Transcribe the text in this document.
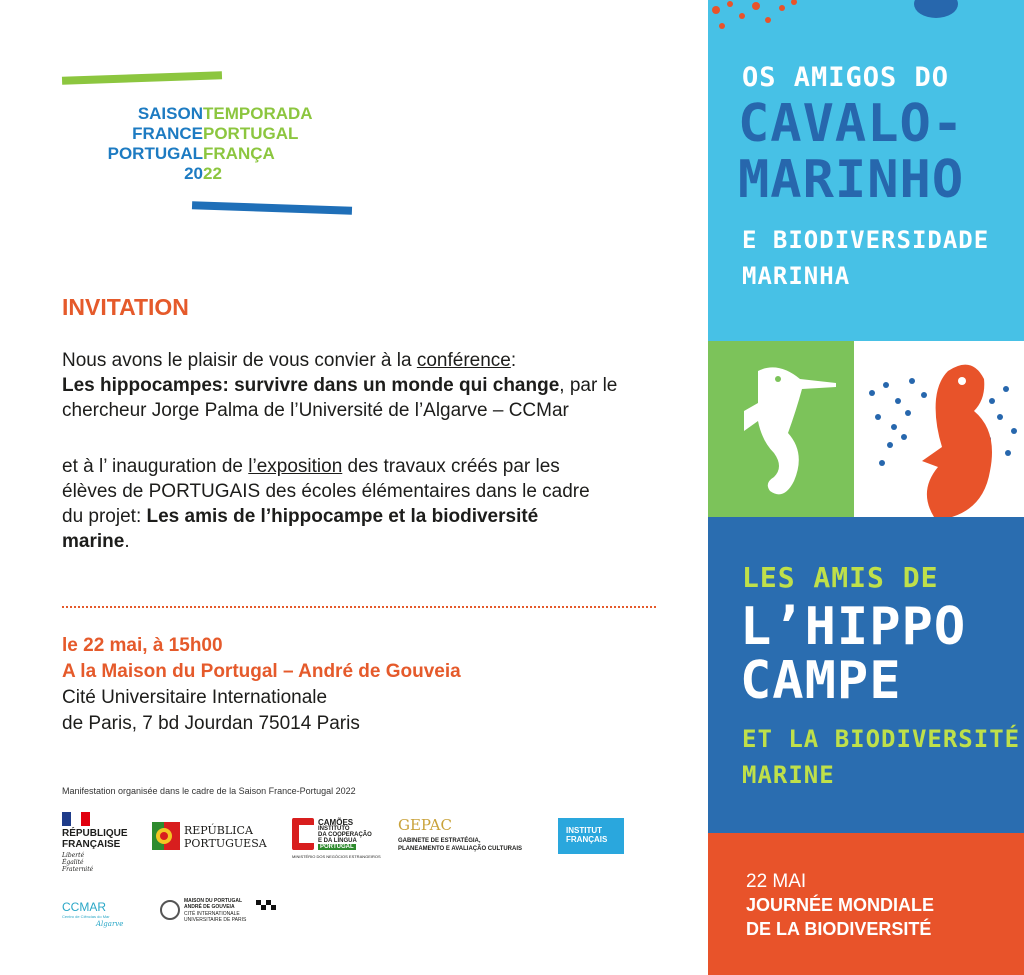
SAISON TEMPORADA
FRANCE PORTUGAL
PORTUGAL FRANÇA
20 22
INVITATION

Nous avons le plaisir de vous convier à la conférence:
Les hippocampes: survivre dans un monde qui change, par le chercheur Jorge Palma de l’Université de l’Algarve – CCMar

et à l’ inauguration de l’exposition des travaux créés par les élèves de PORTUGAIS des écoles élémentaires dans le cadre du projet: Les amis de l’hippocampe et la biodiversité marine.

le 22 mai, à 15h00
A la Maison du Portugal – André de Gouveia
Cité Universitaire Internationale
de Paris, 7 bd Jourdan 75014 Paris
Manifestation organisée dans le cadre de la Saison France-Portugal 2022
RÉPUBLIQUE
FRANÇAISE
Liberté
Égalité
Fraternité
REPÚBLICA
PORTUGUESA
CAMÕES
INSTITUTO
DA COOPERAÇÃO
E DA LÍNGUA
PORTUGAL
MINISTÉRIO DOS NEGÓCIOS ESTRANGEIROS
GEPAC
GABINETE DE ESTRATÉGIA,
PLANEAMENTO E AVALIAÇÃO CULTURAIS
INSTITUT
FRANÇAIS
CCMAR
Centro de Ciências do Mar
Algarve
MAISON DU PORTUGAL
ANDRÉ DE GOUVEIA
CITÉ INTERNATIONALE
UNIVERSITAIRE DE PARIS
OS AMIGOS DO
CAVALO-
MARINHO
E BIODIVERSIDADE
MARINHA
LES AMIS DE
L’HIPPO
CAMPE
ET LA BIODIVERSITÉ
MARINE
22 MAI
JOURNÉE MONDIALE
DE LA BIODIVERSITÉ
